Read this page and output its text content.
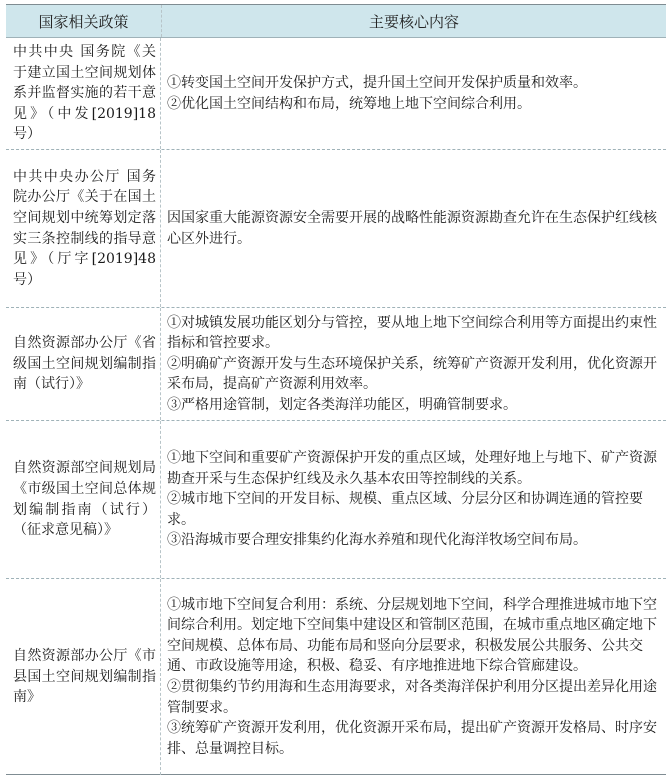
国家相关政策	主要核心内容
中共中央 国务院《关于建立国土空间规划体系并监督实施的若干意见》（中发[2019]18号）

①转变国土空间开发保护方式，提升国土空间开发保护质量和效率。

②优化国土空间结构和布局，统筹地上地下空间综合利用。

中共中央办公厅 国务院办公厅《关于在国土空间规划中统筹划定落实三条控制线的指导意见》（厅字[2019]48号）

因国家重大能源资源安全需要开展的战略性能源资源勘查允许在生态保护红线核心区外进行。

自然资源部办公厅《省级国土空间规划编制指南（试行）》

①对城镇发展功能区划分与管控，要从地上地下空间综合利用等方面提出约束性指标和管控要求。

②明确矿产资源开发与生态环境保护关系，统筹矿产资源开发利用，优化资源开采布局，提高矿产资源利用效率。

③严格用途管制，划定各类海洋功能区，明确管制要求。

自然资源部空间规划局《市级国土空间总体规划编制指南（试行）（征求意见稿）》

①地下空间和重要矿产资源保护开发的重点区域，处理好地上与地下、矿产资源勘查开采与生态保护红线及永久基本农田等控制线的关系。

②城市地下空间的开发目标、规模、重点区域、分层分区和协调连通的管控要求。

③沿海城市要合理安排集约化海水养殖和现代化海洋牧场空间布局。

自然资源部办公厅《市县国土空间规划编制指南》

①城市地下空间复合利用：系统、分层规划地下空间，科学合理推进城市地下空间综合利用。划定地下空间集中建设区和管制区范围，在城市重点地区确定地下空间规模、总体布局、功能布局和竖向分层要求，积极发展公共服务、公共交通、市政设施等用途，积极、稳妥、有序地推进地下综合管廊建设。

②贯彻集约节约用海和生态用海要求，对各类海洋保护利用分区提出差异化用途管制要求。

③统筹矿产资源开发利用，优化资源开采布局，提出矿产资源开发格局、时序安排、总量调控目标。
